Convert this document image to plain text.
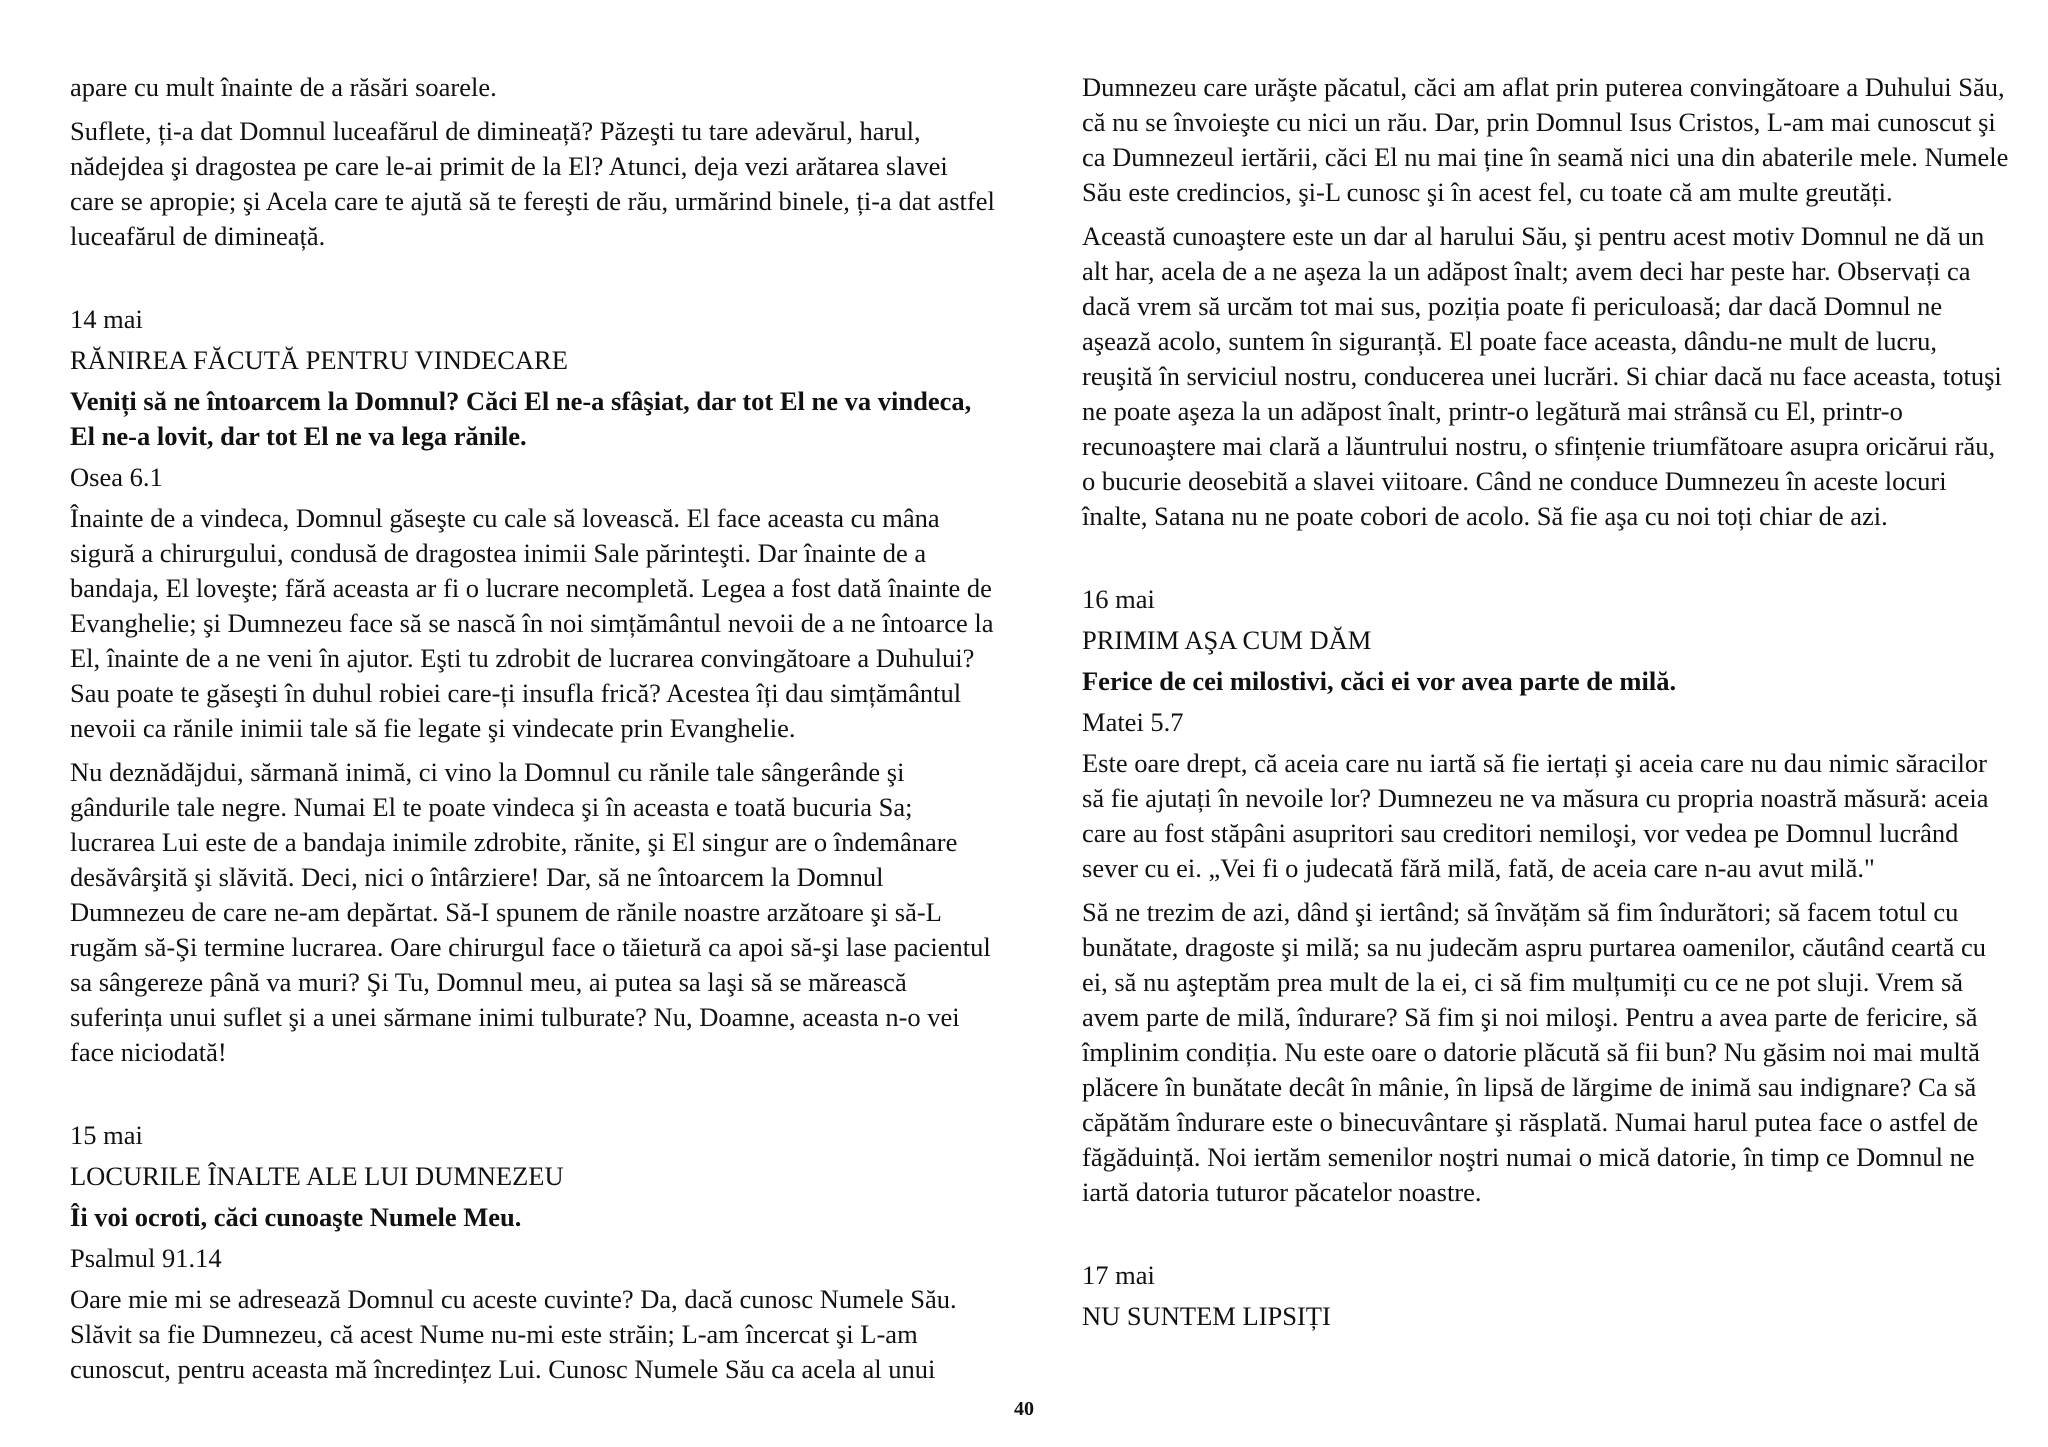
apare cu mult înainte de a răsări soarele.

Suflete, ți-a dat Domnul luceafărul de dimineață? Păzeşti tu tare adevărul, harul, nădejdea şi dragostea pe care le-ai primit de la El? Atunci, deja vezi arătarea slavei care se apropie; şi Acela care te ajută să te fereşti de rău, urmărind binele, ți-a dat astfel luceafărul de dimineață.

14 mai
RĂNIREA FĂCUTĂ PENTRU VINDECARE
Veniți să ne întoarcem la Domnul? Căci El ne-a sfâşiat, dar tot El ne va vindeca, El ne-a lovit, dar tot El ne va lega rănile.
Osea 6.1

Înainte de a vindeca, Domnul găseşte cu cale să lovească. El face aceasta cu mâna sigură a chirurgului, condusă de dragostea inimii Sale părinteşti. Dar înainte de a bandaja, El loveşte; fără aceasta ar fi o lucrare necompletă. Legea a fost dată înainte de Evanghelie; şi Dumnezeu face să se nască în noi simțământul nevoii de a ne întoarce la El, înainte de a ne veni în ajutor. Eşti tu zdrobit de lucrarea convingătoare a Duhului? Sau poate te găseşti în duhul robiei care-ți insufla frică? Acestea îți dau simțământul nevoii ca rănile inimii tale să fie legate şi vindecate prin Evanghelie.

Nu deznădăjdui, sărmană inimă, ci vino la Domnul cu rănile tale sângerânde şi gândurile tale negre. Numai El te poate vindeca şi în aceasta e toată bucuria Sa; lucrarea Lui este de a bandaja inimile zdrobite, rănite, şi El singur are o îndemânare desăvârşită şi slăvită. Deci, nici o întârziere! Dar, să ne întoarcem la Domnul Dumnezeu de care ne-am depărtat. Să-I spunem de rănile noastre arzătoare şi să-L rugăm să-Şi termine lucrarea. Oare chirurgul face o tăietură ca apoi să-şi lase pacientul sa sângereze până va muri? Şi Tu, Domnul meu, ai putea sa laşi să se mărească suferința unui suflet şi a unei sărmane inimi tulburate? Nu, Doamne, aceasta n-o vei face niciodată!

15 mai
LOCURILE ÎNALTE ALE LUI DUMNEZEU
Îi voi ocroti, căci cunoaşte Numele Meu.
Psalmul 91.14

Oare mie mi se adresează Domnul cu aceste cuvinte? Da, dacă cunosc Numele Său. Slăvit sa fie Dumnezeu, că acest Nume nu-mi este străin; L-am încercat şi L-am cunoscut, pentru aceasta mă încredințez Lui. Cunosc Numele Său ca acela al unui

Dumnezeu care urăşte păcatul, căci am aflat prin puterea convingătoare a Duhului Său, că nu se învoieşte cu nici un rău. Dar, prin Domnul Isus Cristos, L-am mai cunoscut şi ca Dumnezeul iertării, căci El nu mai ține în seamă nici una din abaterile mele. Numele Său este credincios, şi-L cunosc şi în acest fel, cu toate că am multe greutăți.

Această cunoaştere este un dar al harului Său, şi pentru acest motiv Domnul ne dă un alt har, acela de a ne aşeza la un adăpost înalt; avem deci har peste har. Observați ca dacă vrem să urcăm tot mai sus, poziția poate fi periculoasă; dar dacă Domnul ne aşează acolo, suntem în siguranță. El poate face aceasta, dându-ne mult de lucru, reuşită în serviciul nostru, conducerea unei lucrări. Si chiar dacă nu face aceasta, totuşi ne poate aşeza la un adăpost înalt, printr-o legătură mai strânsă cu El, printr-o recunoaştere mai clară a lăuntrului nostru, o sfințenie triumfătoare asupra oricărui rău, o bucurie deosebită a slavei viitoare. Când ne conduce Dumnezeu în aceste locuri înalte, Satana nu ne poate cobori de acolo. Să fie aşa cu noi toți chiar de azi.

16 mai
PRIMIM AŞA CUM DĂM
Ferice de cei milostivi, căci ei vor avea parte de milă.
Matei 5.7

Este oare drept, că aceia care nu iartă să fie iertați şi aceia care nu dau nimic săracilor să fie ajutați în nevoile lor? Dumnezeu ne va măsura cu propria noastră măsură: aceia care au fost stăpâni asupritori sau creditori nemiloşi, vor vedea pe Domnul lucrând sever cu ei. „Vei fi o judecată fără milă, fată, de aceia care n-au avut milă."

Să ne trezim de azi, dând şi iertând; să învățăm să fim îndurători; să facem totul cu bunătate, dragoste şi milă; sa nu judecăm aspru purtarea oamenilor, căutând ceartă cu ei, să nu aşteptăm prea mult de la ei, ci să fim mulțumiți cu ce ne pot sluji. Vrem să avem parte de milă, îndurare? Să fim şi noi miloşi. Pentru a avea parte de fericire, să împlinim condiția. Nu este oare o datorie plăcută să fii bun? Nu găsim noi mai multă plăcere în bunătate decât în mânie, în lipsă de lărgime de inimă sau indignare? Ca să căpătăm îndurare este o binecuvântare şi răsplată. Numai harul putea face o astfel de făgăduință. Noi iertăm semenilor noştri numai o mică datorie, în timp ce Domnul ne iartă datoria tuturor păcatelor noastre.

17 mai
NU SUNTEM LIPSIȚI
40
